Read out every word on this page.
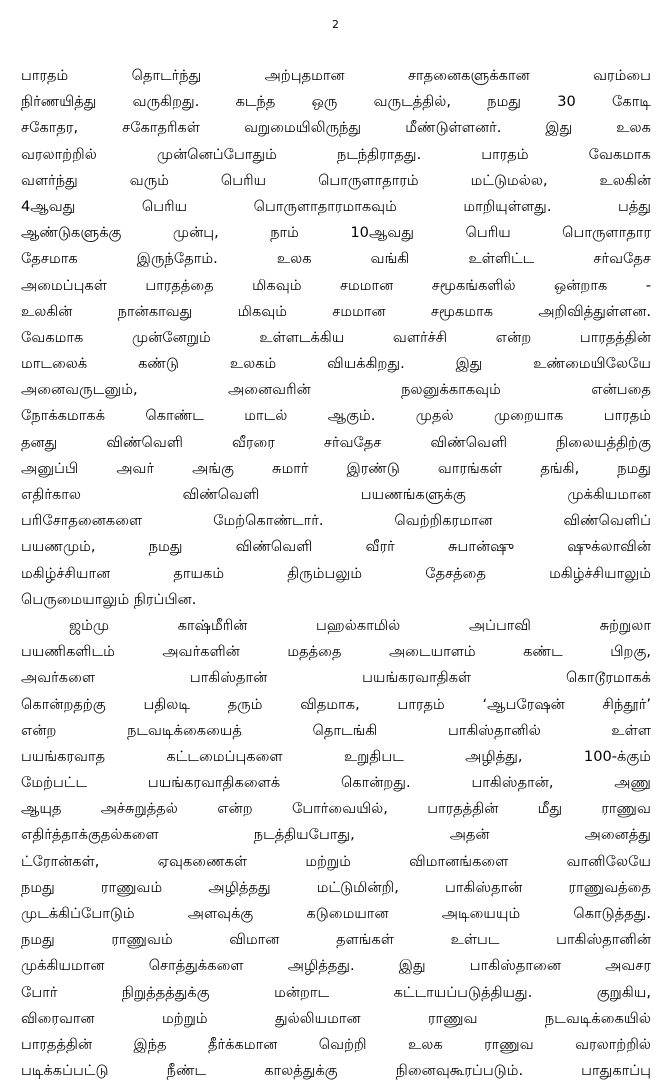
2
பாரதம் தொடர்ந்து அற்புதமான சாதனைகளுக்கான வரம்பை
நிர்ணயித்து வருகிறது. கடந்த ஒரு வருடத்தில், நமது 30 கோடி
சகோதர, சகோதரிகள் வறுமையிலிருந்து மீண்டுள்ளனர். இது உலக
வரலாற்றில் முன்னெப்போதும் நடந்திராதது. பாரதம் வேகமாக
வளர்ந்து வரும் பெரிய பொருளாதாரம் மட்டுமல்ல, உலகின்
4ஆவது பெரிய பொருளாதாரமாகவும் மாறியுள்ளது. பத்து
ஆண்டுகளுக்கு முன்பு, நாம் 10ஆவது பெரிய பொருளாதார
தேசமாக இருந்தோம். உலக வங்கி உள்ளிட்ட சர்வதேச
அமைப்புகள் பாரதத்தை மிகவும் சமமான சமூகங்களில் ஒன்றாக -
உலகின் நான்காவது மிகவும் சமமான சமூகமாக அறிவித்துள்ளன.
வேகமாக முன்னேறும் உள்ளடக்கிய வளர்ச்சி என்ற பாரதத்தின்
மாடலைக் கண்டு உலகம் வியக்கிறது. இது உண்மையிலேயே
அனைவருடனும், அனைவரின் நலனுக்காகவும் என்பதை
நோக்கமாகக் கொண்ட மாடல் ஆகும். முதல் முறையாக பாரதம்
தனது விண்வெளி வீரரை சர்வதேச விண்வெளி நிலையத்திற்கு
அனுப்பி அவர் அங்கு சுமார் இரண்டு வாரங்கள் தங்கி, நமது
எதிர்கால விண்வெளி பயணங்களுக்கு முக்கியமான
பரிசோதனைகளை மேற்கொண்டார். வெற்றிகரமான விண்வெளிப்
பயணமும், நமது விண்வெளி வீரர் சுபான்ஷு ஷுக்லாவின்
மகிழ்ச்சியான தாயகம் திரும்பலும் தேசத்தை மகிழ்ச்சியாலும்
பெருமையாலும் நிரப்பின.
ஜம்மு காஷ்மீரின் பஹல்காமில் அப்பாவி சுற்றுலா
பயணிகளிடம் அவர்களின் மதத்தை அடையாளம் கண்ட பிறகு,
அவர்களை பாகிஸ்தான் பயங்கரவாதிகள் கொடூரமாகக்
கொன்றதற்கு பதிலடி தரும் விதமாக, பாரதம் ‘ஆபரேஷன் சிந்தூர்’
என்ற நடவடிக்கையைத் தொடங்கி பாகிஸ்தானில் உள்ள
பயங்கரவாத கட்டமைப்புகளை உறுதிபட அழித்து, 100-க்கும்
மேற்பட்ட பயங்கரவாதிகளைக் கொன்றது. பாகிஸ்தான், அணு
ஆயுத அச்சுறுத்தல் என்ற போர்வையில், பாரதத்தின் மீது ராணுவ
எதிர்த்தாக்குதல்களை நடத்தியபோது, அதன் அனைத்து
ட்ரோன்கள், ஏவுகணைகள் மற்றும் விமானங்களை வானிலேயே
நமது ராணுவம் அழித்தது மட்டுமின்றி, பாகிஸ்தான் ராணுவத்தை
முடக்கிப்போடும் அளவுக்கு கடுமையான அடியையும் கொடுத்தது.
நமது ராணுவம் விமான தளங்கள் உள்பட பாகிஸ்தானின்
முக்கியமான சொத்துக்களை அழித்தது. இது பாகிஸ்தானை அவசர
போர் நிறுத்தத்துக்கு மன்றாட கட்டாயப்படுத்தியது. குறுகிய,
விரைவான மற்றும் துல்லியமான ராணுவ நடவடிக்கையில்
பாரதத்தின் இந்த தீர்க்கமான வெற்றி உலக ராணுவ வரலாற்றில்
படிக்கப்பட்டு நீண்ட காலத்துக்கு நினைவுகூரப்படும். பாதுகாப்பு
